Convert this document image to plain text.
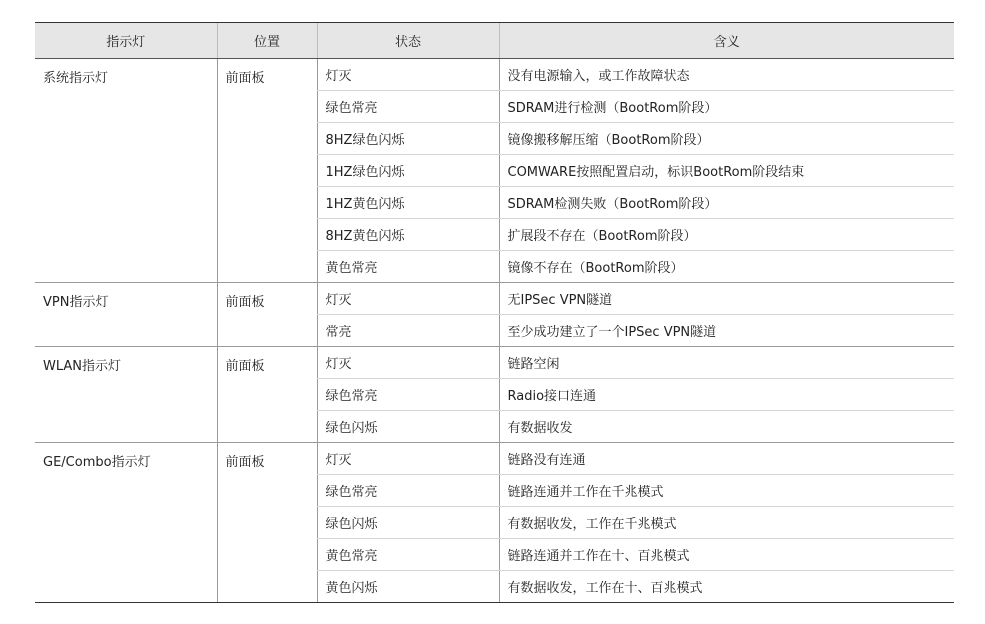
指示灯	位置	状态	含义
系统指示灯	前面板	灯灭	没有电源输入，或工作故障状态
		绿色常亮	SDRAM进行检测（BootRom阶段）
		8HZ绿色闪烁	镜像搬移解压缩（BootRom阶段）
		1HZ绿色闪烁	COMWARE按照配置启动，标识BootRom阶段结束
		1HZ黄色闪烁	SDRAM检测失败（BootRom阶段）
		8HZ黄色闪烁	扩展段不存在（BootRom阶段）
		黄色常亮	镜像不存在（BootRom阶段）
VPN指示灯	前面板	灯灭	无IPSec VPN隧道
		常亮	至少成功建立了一个IPSec VPN隧道
WLAN指示灯	前面板	灯灭	链路空闲
		绿色常亮	Radio接口连通
		绿色闪烁	有数据收发
GE/Combo指示灯	前面板	灯灭	链路没有连通
		绿色常亮	链路连通并工作在千兆模式
		绿色闪烁	有数据收发，工作在千兆模式
		黄色常亮	链路连通并工作在十、百兆模式
		黄色闪烁	有数据收发，工作在十、百兆模式
